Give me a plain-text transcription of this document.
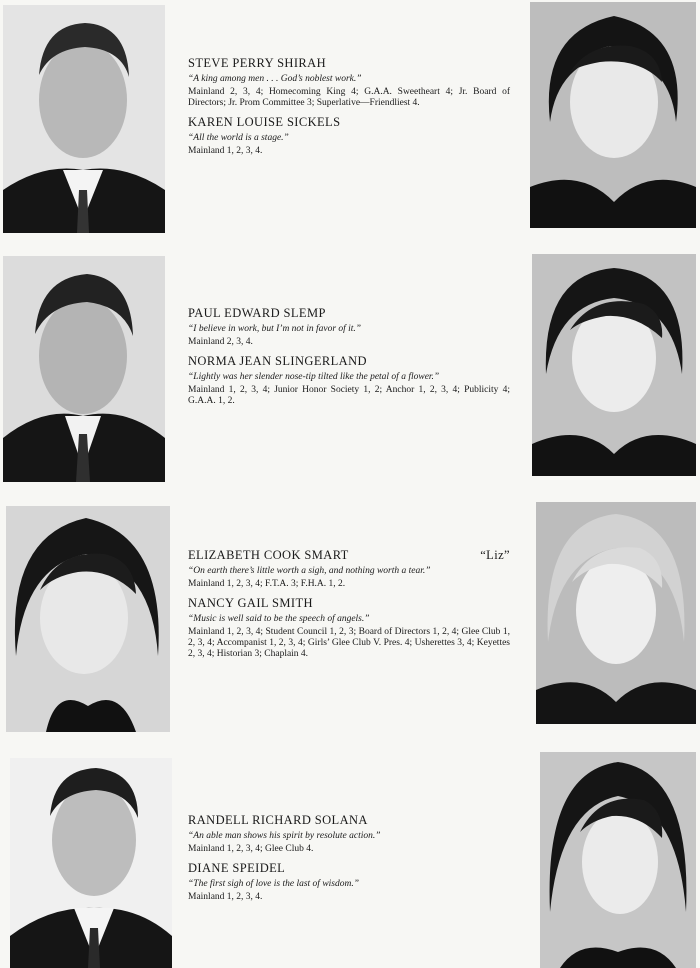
STEVE PERRY SHIRAH
“A king among men . . . God’s noblest work.”
Mainland 2, 3, 4; Homecoming King 4; G.A.A. Sweetheart 4; Jr. Board of Directors; Jr. Prom Committee 3; Superlative—Friendliest 4.
KAREN LOUISE SICKELS
“All the world is a stage.”
Mainland 1, 2, 3, 4.
PAUL EDWARD SLEMP
“I believe in work, but I’m not in favor of it.”
Mainland 2, 3, 4.
NORMA JEAN SLINGERLAND
“Lightly was her slender nose-tip tilted like the petal of a flower.”
Mainland 1, 2, 3, 4; Junior Honor Society 1, 2; Anchor 1, 2, 3, 4; Publicity 4; G.A.A. 1, 2.
ELIZABETH COOK SMART	“Liz”
“On earth there’s little worth a sigh, and nothing worth a tear.”
Mainland 1, 2, 3, 4; F.T.A. 3; F.H.A. 1, 2.
NANCY GAIL SMITH
“Music is well said to be the speech of angels.”
Mainland 1, 2, 3, 4; Student Council 1, 2, 3; Board of Directors 1, 2, 4; Glee Club 1, 2, 3, 4; Accompanist 1, 2, 3, 4; Girls’ Glee Club V. Pres. 4; Usherettes 3, 4; Keyettes 2, 3, 4; Historian 3; Chaplain 4.
RANDELL RICHARD SOLANA
“An able man shows his spirit by resolute action.”
Mainland 1, 2, 3, 4; Glee Club 4.
DIANE SPEIDEL
“The first sigh of love is the last of wisdom.”
Mainland 1, 2, 3, 4.
